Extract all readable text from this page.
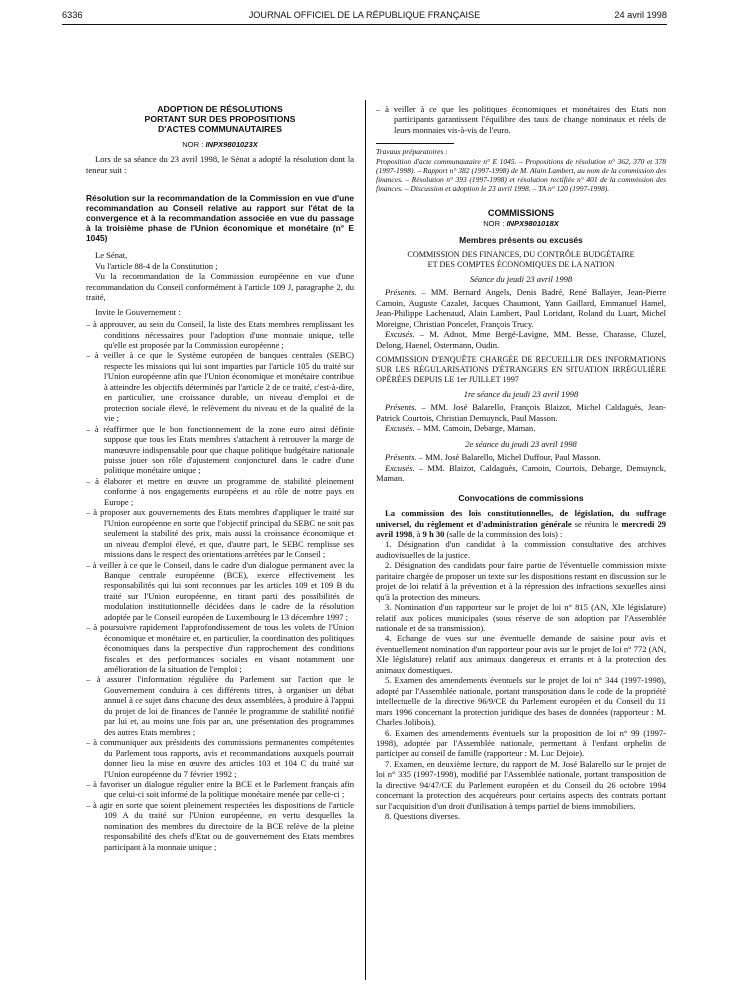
6336	JOURNAL OFFICIEL DE LA RÉPUBLIQUE FRANÇAISE	24 avril 1998

ADOPTION DE RÉSOLUTIONS

PORTANT SUR DES PROPOSITIONS

D'ACTES COMMUNAUTAIRES

NOR : INPX9801023X

Lors de sa séance du 23 avril 1998, le Sénat a adopté la résolution dont la teneur suit :

Résolution sur la recommandation de la Commission en vue d'une recommandation au Conseil relative au rapport sur l'état de la convergence et à la recommandation associée en vue du passage à la troisième phase de l'Union économique et monétaire (n° E 1045)

Le Sénat,

Vu l'article 88-4 de la Constitution ;

Vu la recommandation de la Commission européenne en vue d'une recommandation du Conseil conformément à l'article 109 J, paragraphe 2, du traité,

Invite le Gouvernement :

– à approuver, au sein du Conseil, la liste des Etats membres remplissant les conditions nécessaires pour l'adoption d'une monnaie unique, telle qu'elle est proposée par la Commission européenne ;

– à veiller à ce que le Système européen de banques centrales (SEBC) respecte les missions qui lui sont imparties par l'article 105 du traité sur l'Union européenne afin que l'Union économique et monétaire contribue à atteindre les objectifs déterminés par l'article 2 de ce traité, c'est-à-dire, en particulier, une croissance durable, un niveau d'emploi et de protection sociale élevé, le relèvement du niveau et de la qualité de la vie ;

– à réaffirmer que le bon fonctionnement de la zone euro ainsi définie suppose que tous les Etats membres s'attachent à retrouver la marge de manœuvre indispensable pour que chaque politique budgétaire nationale puisse jouer son rôle d'ajustement conjoncturel dans le cadre d'une politique monétaire unique ;

– à élaborer et mettre en œuvre un programme de stabilité pleinement conforme à nos engagements européens et au rôle de notre pays en Europe ;

– à proposer aux gouvernements des Etats membres d'appliquer le traité sur l'Union européenne en sorte que l'objectif principal du SEBC ne soit pas seulement la stabilité des prix, mais aussi la croissance économique et un niveau d'emploi élevé, et que, d'autre part, le SEBC remplisse ses missions dans le respect des orientations arrêtées par le Conseil ;

– à veiller à ce que le Conseil, dans le cadre d'un dialogue permanent avec la Banque centrale européenne (BCE), exerce effectivement les responsabilités qui lui sont reconnues par les articles 109 et 109 B du traité sur l'Union européenne, en tirant parti des possibilités de modulation institutionnelle décidées dans le cadre de la résolution adoptée par le Conseil européen de Luxembourg le 13 décembre 1997 ;

– à poursuivre rapidement l'approfondissement de tous les volets de l'Union économique et monétaire et, en particulier, la coordination des politiques économiques dans la perspective d'un rapprochement des conditions fiscales et des performances sociales en visant notamment une amélioration de la situation de l'emploi ;

– à assurer l'information régulière du Parlement sur l'action que le Gouvernement conduira à ces différents titres, à organiser un débat annuel à ce sujet dans chacune des deux assemblées, à produire à l'appui du projet de loi de finances de l'année le programme de stabilité notifié par lui et, au moins une fois par an, une présentation des programmes des autres Etats membres ;

– à communiquer aux présidents des commissions permanentes compétentes du Parlement tous rapports, avis et recommandations auxquels pourrait donner lieu la mise en œuvre des articles 103 et 104 C du traité sur l'Union européenne du 7 février 1992 ;

– à favoriser un dialogue régulier entre la BCE et le Parlement français afin que celui-ci soit informé de la politique monétaire menée par celle-ci ;

– à agir en sorte que soient pleinement respectées les dispositions de l'article 109 A du traité sur l'Union européenne, en vertu desquelles la nomination des membres du directoire de la BCE relève de la pleine responsabilité des chefs d'Etat ou de gouvernement des Etats membres participant à la monnaie unique ;

– à veiller à ce que les politiques économiques et monétaires des Etats non participants garantissent l'équilibre des taux de change nominaux et réels de leurs monnaies vis-à-vis de l'euro.

Travaux préparatoires :

Proposition d'acte communautaire n° E 1045. – Propositions de résolution n° 362, 370 et 378 (1997-1998). – Rapport n° 382 (1997-1998) de M. Alain Lambert, au nom de la commission des finances. – Résolution n° 393 (1997-1998) et résolution rectifiée n° 401 de la commission des finances. – Discussion et adoption le 23 avril 1998. – TA n° 120 (1997-1998).

COMMISSIONS

NOR : INPX9801018X

Membres présents ou excusés

COMMISSION DES FINANCES, DU CONTRÔLE BUDGÉTAIRE

ET DES COMPTES ÉCONOMIQUES DE LA NATION

Séance du jeudi 23 avril 1998

Présents. – MM. Bernard Angels, Denis Badré, René Ballayer, Jean-Pierre Camoin, Auguste Cazalet, Jacques Chaumont, Yann Gaillard, Emmanuel Hamel, Jean-Philippe Lachenaud, Alain Lambert, Paul Loridant, Roland du Luart, Michel Moreigne, Christian Poncelet, François Trucy.

Excusés. – M. Adnot, Mme Bergé-Lavigne, MM. Besse, Charasse, Cluzel, Delong, Haenel, Ostermann, Oudin.

COMMISSION D'ENQUÊTE CHARGÉE DE RECUEILLIR DES INFORMATIONS SUR LES RÉGULARISATIONS D'ÉTRANGERS EN SITUATION IRRÉGULIÈRE OPÉRÉES DEPUIS LE 1er JUILLET 1997

1re séance du jeudi 23 avril 1998

Présents. – MM. José Balarello, François Blaizot, Michel Caldaguès, Jean-Patrick Courtois, Christian Demuynck, Paul Masson.

Excusés. – MM. Camoin, Debarge, Maman.

2e séance du jeudi 23 avril 1998

Présents. – MM. José Balarello, Michel Duffour, Paul Masson.

Excusés. – MM. Blaizot, Caldaguès, Camoin, Courtois, Debarge, Demuynck, Maman.

Convocations de commissions

La commission des lois constitutionnelles, de législation, du suffrage universel, du règlement et d'administration générale se réunira le mercredi 29 avril 1998, à 9 h 30 (salle de la commission des lois) :

1. Désignation d'un candidat à la commission consultative des archives audiovisuelles de la justice.

2. Désignation des candidats pour faire partie de l'éventuelle commission mixte paritaire chargée de proposer un texte sur les dispositions restant en discussion sur le projet de loi relatif à la prévention et à la répression des infractions sexuelles ainsi qu'à la protection des mineurs.

3. Nomination d'un rapporteur sur le projet de loi n° 815 (AN, XIe législature) relatif aux polices municipales (sous réserve de son adoption par l'Assemblée nationale et de sa transmission).

4. Echange de vues sur une éventuelle demande de saisine pour avis et éventuellement nomination d'un rapporteur pour avis sur le projet de loi n° 772 (AN, XIe législature) relatif aux animaux dangereux et errants et à la protection des animaux domestiques.

5. Examen des amendements éventuels sur le projet de loi n° 344 (1997-1998), adopté par l'Assemblée nationale, portant transposition dans le code de la propriété intellectuelle de la directive 96/9/CE du Parlement européen et du Conseil du 11 mars 1996 concernant la protection juridique des bases de données (rapporteur : M. Charles Jolibois).

6. Examen des amendements éventuels sur la proposition de loi n° 99 (1997-1998), adoptée par l'Assemblée nationale, permettant à l'enfant orphelin de participer au conseil de famille (rapporteur : M. Luc Dejoie).

7. Examen, en deuxième lecture, du rapport de M. José Balarello sur le projet de loi n° 335 (1997-1998), modifié par l'Assemblée nationale, portant transposition de la directive 94/47/CE du Parlement européen et du Conseil du 26 octobre 1994 concernant la protection des acquéreurs pour certains aspects des contrats portant sur l'acquisition d'un droit d'utilisation à temps partiel de biens immobiliers.

8. Questions diverses.
